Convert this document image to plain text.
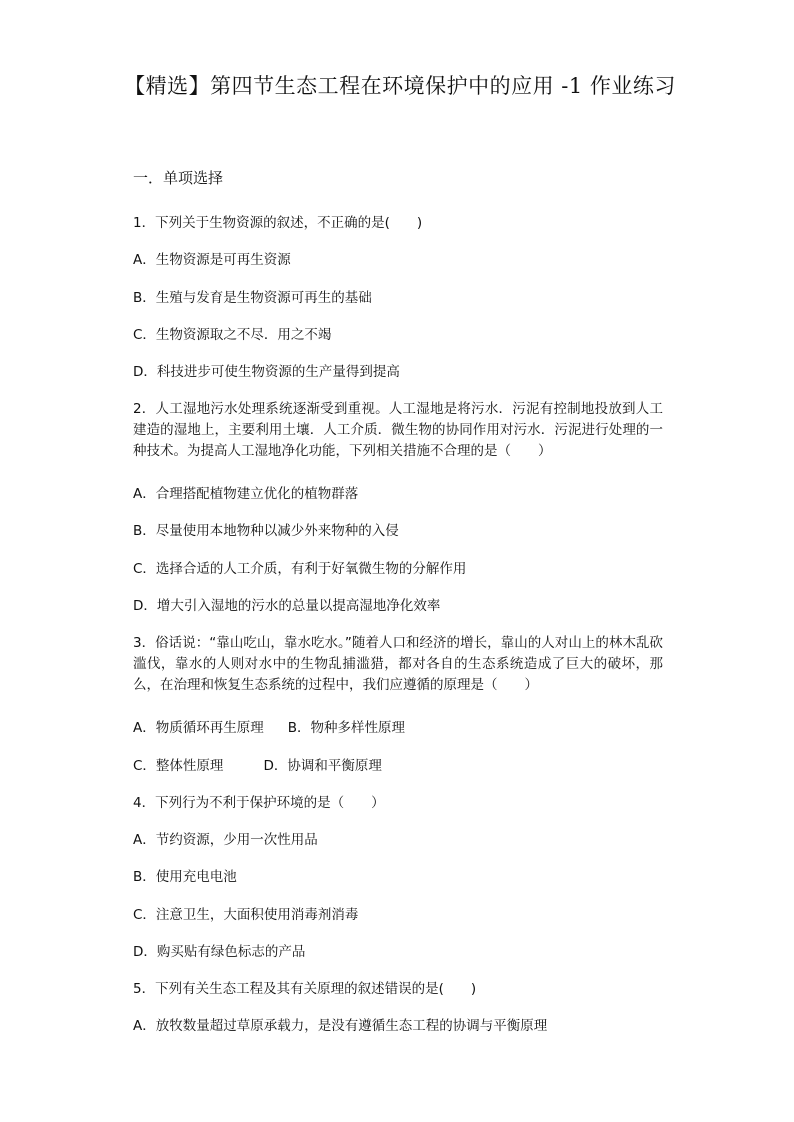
【精选】第四节生态工程在环境保护中的应用 -1 作业练习
一．单项选择
1．下列关于生物资源的叙述，不正确的是(　　)
A．生物资源是可再生资源
B．生殖与发育是生物资源可再生的基础
C．生物资源取之不尽．用之不竭
D．科技进步可使生物资源的生产量得到提高
2．人工湿地污水处理系统逐渐受到重视。人工湿地是将污水．污泥有控制地投放到人工建造的湿地上，主要利用土壤．人工介质．微生物的协同作用对污水．污泥进行处理的一种技术。为提高人工湿地净化功能，下列相关措施不合理的是（　　）
A．合理搭配植物建立优化的植物群落
B．尽量使用本地物种以减少外来物种的入侵
C．选择合适的人工介质，有利于好氧微生物的分解作用
D．增大引入湿地的污水的总量以提高湿地净化效率
3．俗话说：“靠山吃山，靠水吃水。”随着人口和经济的增长，靠山的人对山上的林木乱砍滥伐，靠水的人则对水中的生物乱捕滥猎，都对各自的生态系统造成了巨大的破坏，那么，在治理和恢复生态系统的过程中，我们应遵循的原理是（　　）
A．物质循环再生原理 B．物种多样性原理
C．整体性原理	D．协调和平衡原理
4．下列行为不利于保护环境的是（　　）
A．节约资源，少用一次性用品
B．使用充电电池
C．注意卫生，大面积使用消毒剂消毒
D．购买贴有绿色标志的产品
5．下列有关生态工程及其有关原理的叙述错误的是(　　)
A．放牧数量超过草原承载力，是没有遵循生态工程的协调与平衡原理
